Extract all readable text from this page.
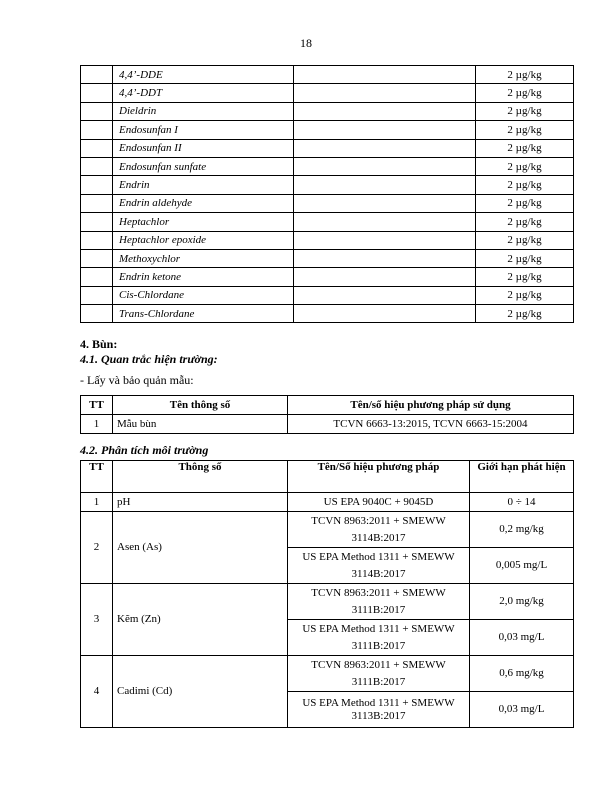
18
	4,4’-DDE		2 µg/kg
	4,4’-DDT		2 µg/kg
	Dieldrin		2 µg/kg
	Endosunfan I		2 µg/kg
	Endosunfan II		2 µg/kg
	Endosunfan sunfate		2 µg/kg
	Endrin		2 µg/kg
	Endrin aldehyde		2 µg/kg
	Heptachlor		2 µg/kg
	Heptachlor epoxide		2 µg/kg
	Methoxychlor		2 µg/kg
	Endrin ketone		2 µg/kg
	Cis-Chlordane		2 µg/kg
	Trans-Chlordane		2 µg/kg
4. Bùn:
4.1. Quan trắc hiện trường:
- Lấy và bảo quản mẫu:
TT	Tên thông số	Tên/số hiệu phương pháp sử dụng
1	Mẫu bùn	TCVN 6663-13:2015, TCVN 6663-15:2004
4.2. Phân tích môi trường
TT	Thông số	Tên/Số hiệu phương pháp	Giới hạn phát hiện
1	pH	US EPA 9040C + 9045D	0 ÷ 14
2	Asen (As)	TCVN 8963:2011 + SMEWW 3114B:2017	0,2 mg/kg
		US EPA Method 1311 + SMEWW 3114B:2017	0,005 mg/L
3	Kẽm (Zn)	TCVN 8963:2011 + SMEWW 3111B:2017	2,0 mg/kg
		US EPA Method 1311 + SMEWW 3111B:2017	0,03 mg/L
4	Cadimi (Cd)	TCVN 8963:2011 + SMEWW 3111B:2017	0,6 mg/kg
		US EPA Method 1311 + SMEWW 3113B:2017	0,03 mg/L
